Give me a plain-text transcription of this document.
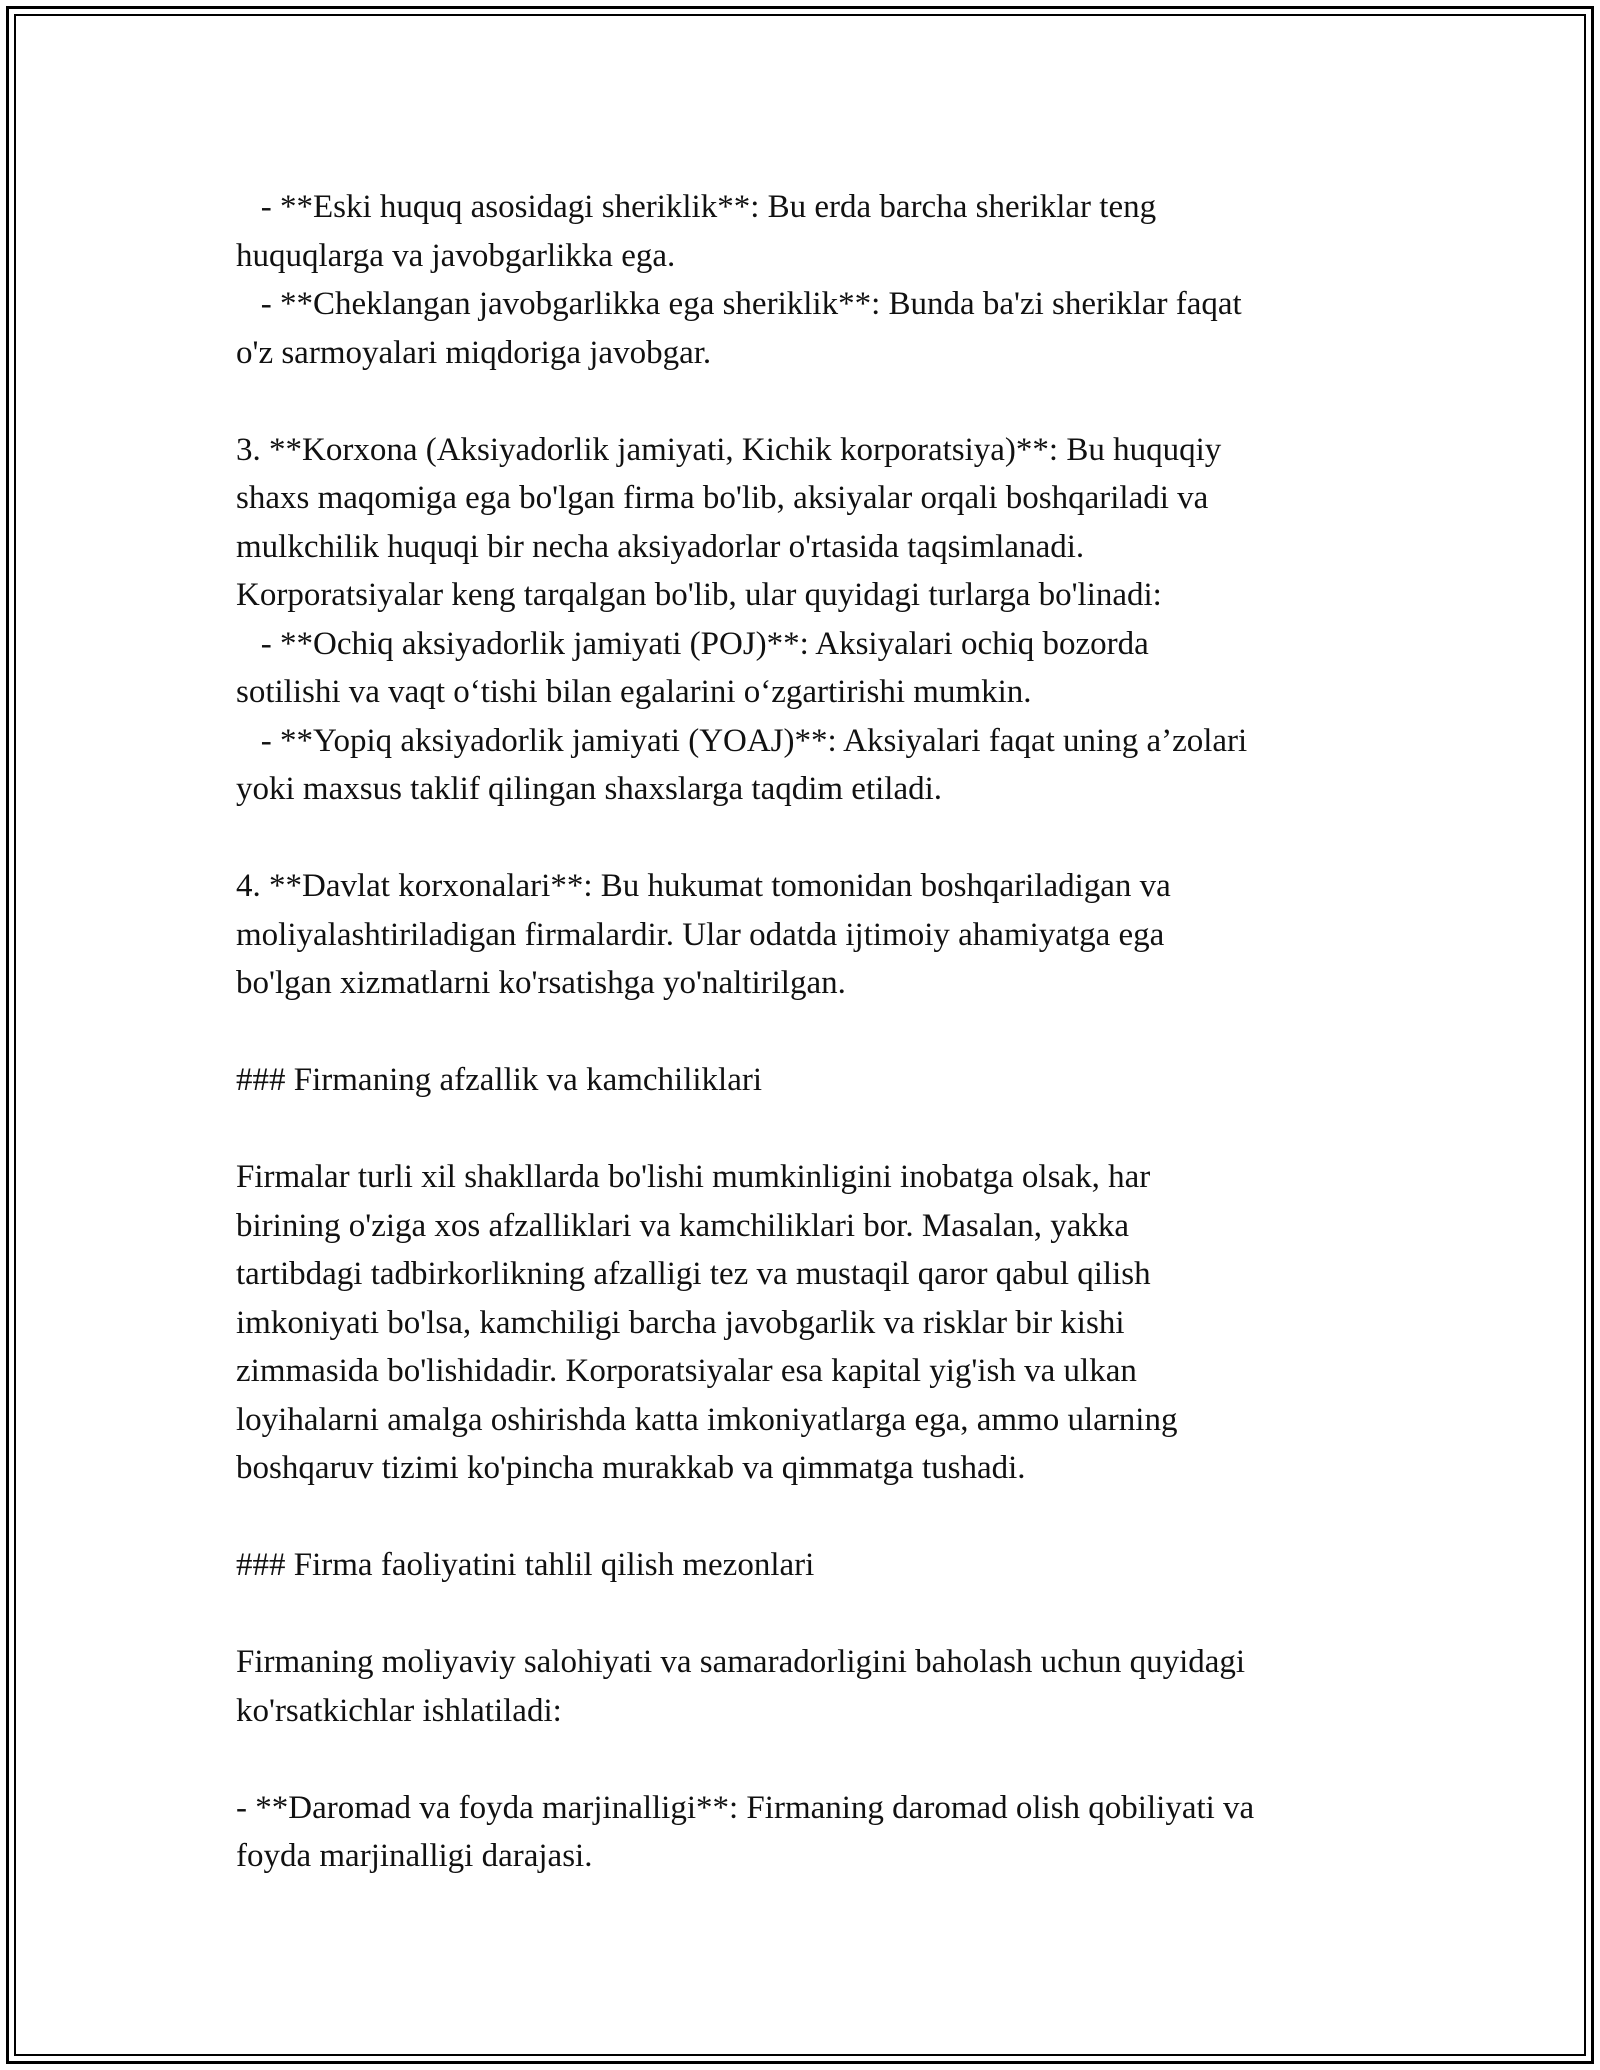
- **Eski huquq asosidagi sheriklik**: Bu erda barcha sheriklar teng

huquqlarga va javobgarlikka ega.

- **Cheklangan javobgarlikka ega sheriklik**: Bunda ba'zi sheriklar faqat

o'z sarmoyalari miqdoriga javobgar.

3. **Korxona (Aksiyadorlik jamiyati, Kichik korporatsiya)**: Bu huquqiy

shaxs maqomiga ega bo'lgan firma bo'lib, aksiyalar orqali boshqariladi va

mulkchilik huquqi bir necha aksiyadorlar o'rtasida taqsimlanadi.

Korporatsiyalar keng tarqalgan bo'lib, ular quyidagi turlarga bo'linadi:

- **Ochiq aksiyadorlik jamiyati (POJ)**: Aksiyalari ochiq bozorda

sotilishi va vaqt o‘tishi bilan egalarini o‘zgartirishi mumkin.

- **Yopiq aksiyadorlik jamiyati (YOAJ)**: Aksiyalari faqat uning a’zolari

yoki maxsus taklif qilingan shaxslarga taqdim etiladi.

4. **Davlat korxonalari**: Bu hukumat tomonidan boshqariladigan va

moliyalashtiriladigan firmalardir. Ular odatda ijtimoiy ahamiyatga ega

bo'lgan xizmatlarni ko'rsatishga yo'naltirilgan.

### Firmaning afzallik va kamchiliklari

Firmalar turli xil shakllarda bo'lishi mumkinligini inobatga olsak, har

birining o'ziga xos afzalliklari va kamchiliklari bor. Masalan, yakka

tartibdagi tadbirkorlikning afzalligi tez va mustaqil qaror qabul qilish

imkoniyati bo'lsa, kamchiligi barcha javobgarlik va risklar bir kishi

zimmasida bo'lishidadir. Korporatsiyalar esa kapital yig'ish va ulkan

loyihalarni amalga oshirishda katta imkoniyatlarga ega, ammo ularning

boshqaruv tizimi ko'pincha murakkab va qimmatga tushadi.

### Firma faoliyatini tahlil qilish mezonlari

Firmaning moliyaviy salohiyati va samaradorligini baholash uchun quyidagi

ko'rsatkichlar ishlatiladi:

- **Daromad va foyda marjinalligi**: Firmaning daromad olish qobiliyati va

foyda marjinalligi darajasi.
